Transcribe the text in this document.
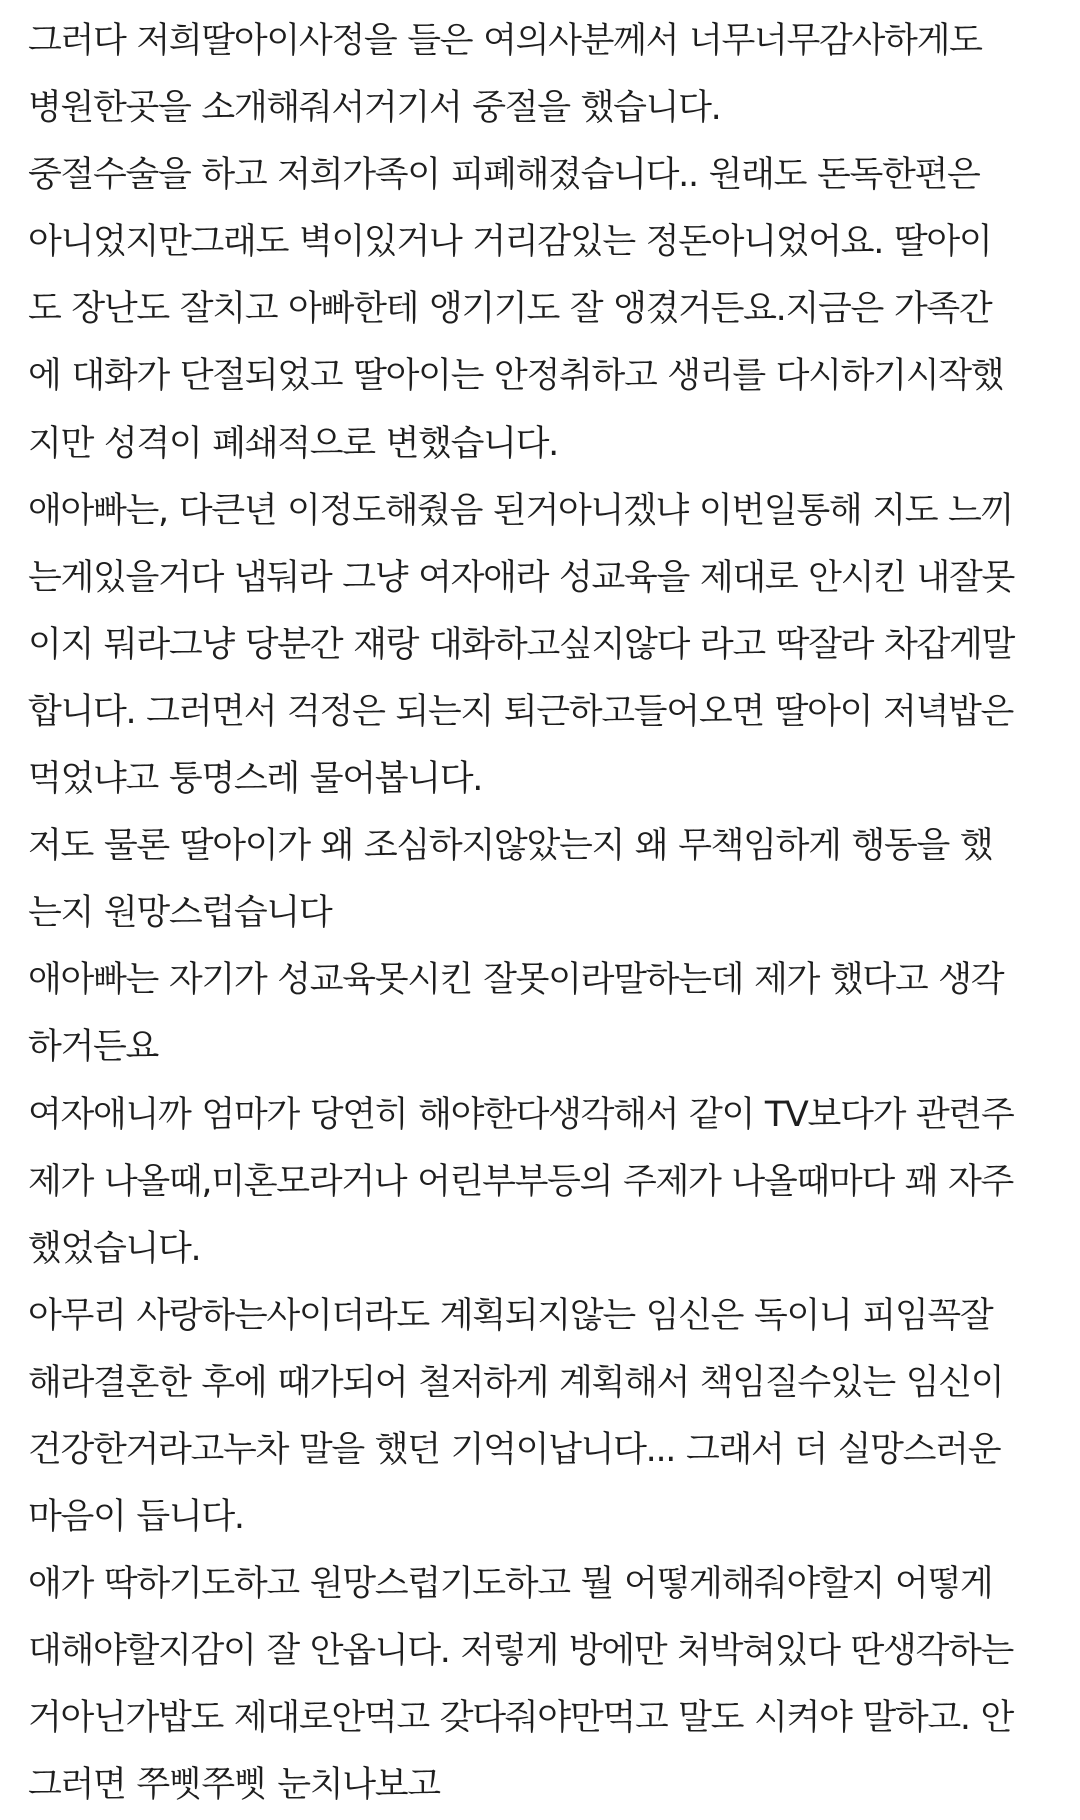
그러다 저희딸아이사정을 들은 여의사분께서 너무너무감사하게도
병원한곳을 소개해줘서거기서 중절을 했습니다.
중절수술을 하고 저희가족이 피폐해졌습니다.. 원래도 돈독한편은
아니었지만그래도 벽이있거나 거리감있는 정돈아니었어요. 딸아이
도 장난도 잘치고 아빠한테 앵기기도 잘 앵겼거든요.지금은 가족간
에 대화가 단절되었고 딸아이는 안정취하고 생리를 다시하기시작했
지만 성격이 폐쇄적으로 변했습니다.
애아빠는, 다큰년 이정도해줬음 된거아니겠냐 이번일통해 지도 느끼
는게있을거다 냅둬라 그냥 여자애라 성교육을 제대로 안시킨 내잘못
이지 뭐라그냥 당분간 쟤랑 대화하고싶지않다 라고 딱잘라 차갑게말
합니다. 그러면서 걱정은 되는지 퇴근하고들어오면 딸아이 저녁밥은
먹었냐고 퉁명스레 물어봅니다.
저도 물론 딸아이가 왜 조심하지않았는지 왜 무책임하게 행동을 했
는지 원망스럽습니다
애아빠는 자기가 성교육못시킨 잘못이라말하는데 제가 했다고 생각
하거든요
여자애니까 엄마가 당연히 해야한다생각해서 같이 TV보다가 관련주
제가 나올때,미혼모라거나 어린부부등의 주제가 나올때마다 꽤 자주
했었습니다.
아무리 사랑하는사이더라도 계획되지않는 임신은 독이니 피임꼭잘
해라결혼한 후에 때가되어 철저하게 계획해서 책임질수있는 임신이
건강한거라고누차 말을 했던 기억이납니다... 그래서 더 실망스러운
마음이 듭니다.
애가 딱하기도하고 원망스럽기도하고 뭘 어떻게해줘야할지 어떻게
대해야할지감이 잘 안옵니다. 저렇게 방에만 처박혀있다 딴생각하는
거아닌가밥도 제대로안먹고 갖다줘야만먹고 말도 시켜야 말하고. 안
그러면 쭈삣쭈삣 눈치나보고
